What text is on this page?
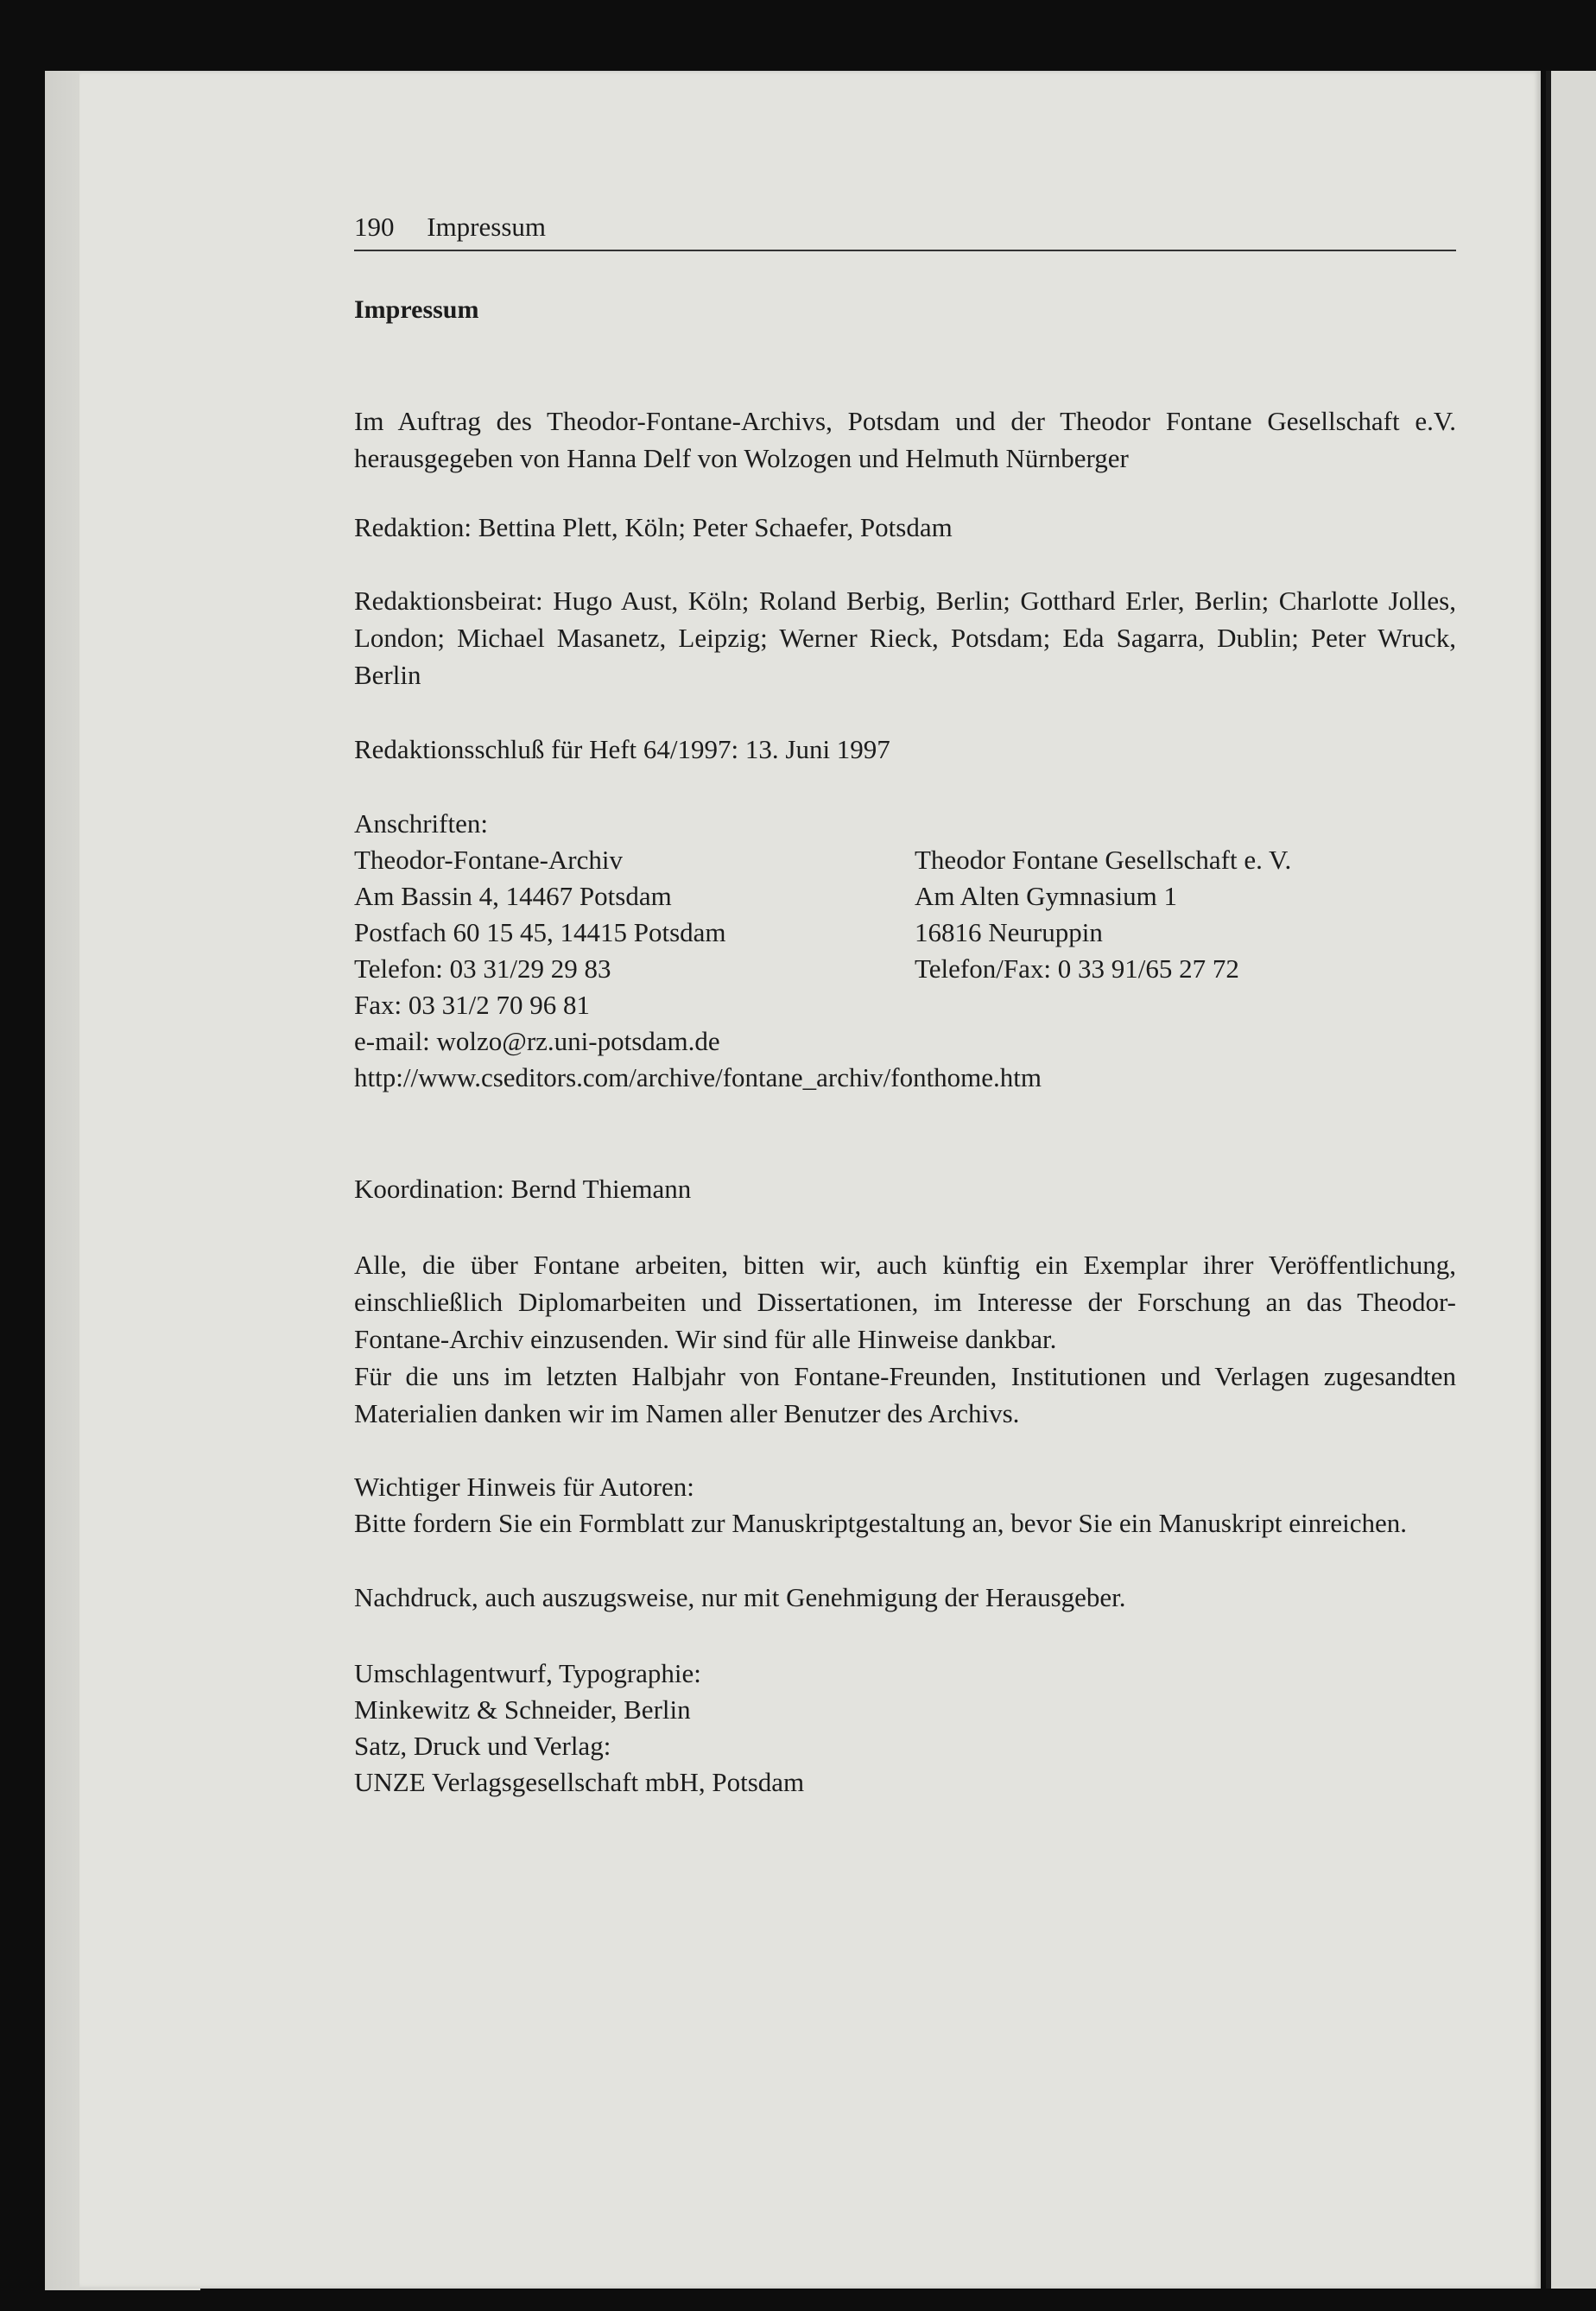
190 Impressum
Impressum
Im Auftrag des Theodor-Fontane-Archivs, Potsdam und der Theodor Fontane Gesellschaft e.V. herausgegeben von Hanna Delf von Wolzogen und Helmuth Nürnberger
Redaktion: Bettina Plett, Köln; Peter Schaefer, Potsdam
Redaktionsbeirat: Hugo Aust, Köln; Roland Berbig, Berlin; Gotthard Erler, Berlin; Charlotte Jolles, London; Michael Masanetz, Leipzig; Werner Rieck, Potsdam; Eda Sagarra, Dublin; Peter Wruck, Berlin
Redaktionsschluß für Heft 64/1997: 13. Juni 1997
Anschriften:
Theodor-Fontane-Archiv
Am Bassin 4, 14467 Potsdam
Postfach 60 15 45, 14415 Potsdam
Telefon: 03 31/29 29 83
Fax: 03 31/2 70 96 81
e-mail: wolzo@rz.uni-potsdam.de
http://www.cseditors.com/archive/fontane_archiv/fonthome.htm
Theodor Fontane Gesellschaft e. V.
Am Alten Gymnasium 1
16816 Neuruppin
Telefon/Fax: 0 33 91/65 27 72
Koordination: Bernd Thiemann
Alle, die über Fontane arbeiten, bitten wir, auch künftig ein Exemplar ihrer Veröffentlichung, einschließlich Diplomarbeiten und Dissertationen, im Interesse der Forschung an das Theodor-Fontane-Archiv einzusenden. Wir sind für alle Hinweise dankbar.
Für die uns im letzten Halbjahr von Fontane-Freunden, Institutionen und Verlagen zugesandten Materialien danken wir im Namen aller Benutzer des Archivs.
Wichtiger Hinweis für Autoren:
Bitte fordern Sie ein Formblatt zur Manuskriptgestaltung an, bevor Sie ein Manuskript einreichen.
Nachdruck, auch auszugsweise, nur mit Genehmigung der Herausgeber.
Umschlagentwurf, Typographie:
Minkewitz & Schneider, Berlin
Satz, Druck und Verlag:
UNZE Verlagsgesellschaft mbH, Potsdam
